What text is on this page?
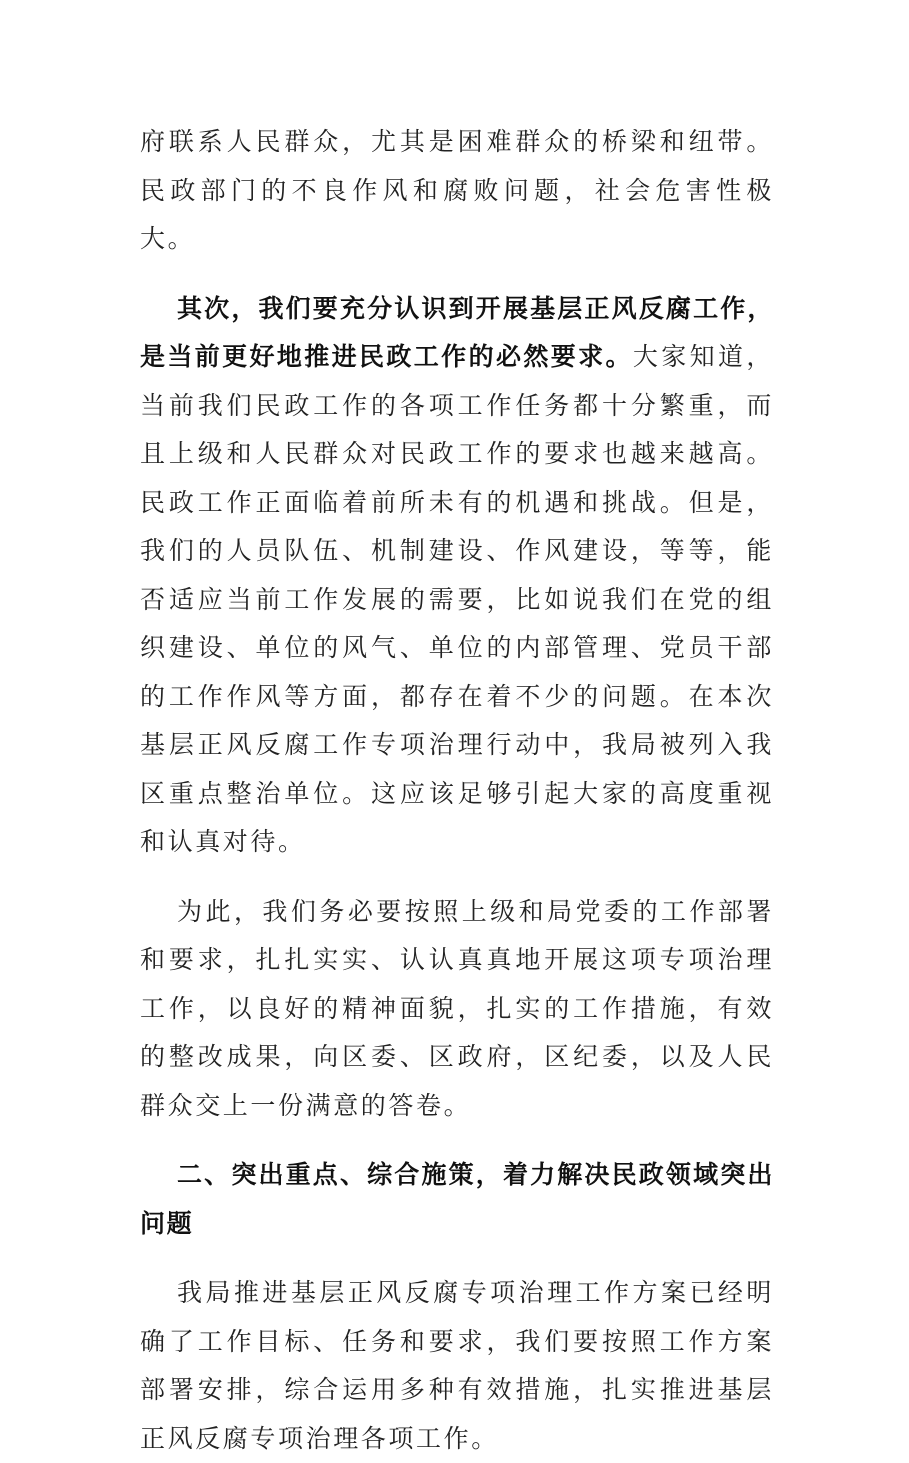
府联系人民群众，尤其是困难群众的桥梁和纽带。民政部门的不良作风和腐败问题，社会危害性极大。

其次，我们要充分认识到开展基层正风反腐工作，是当前更好地推进民政工作的必然要求。大家知道，当前我们民政工作的各项工作任务都十分繁重，而且上级和人民群众对民政工作的要求也越来越高。民政工作正面临着前所未有的机遇和挑战。但是，我们的人员队伍、机制建设、作风建设，等等，能否适应当前工作发展的需要，比如说我们在党的组织建设、单位的风气、单位的内部管理、党员干部的工作作风等方面，都存在着不少的问题。在本次基层正风反腐工作专项治理行动中，我局被列入我区重点整治单位。这应该足够引起大家的高度重视和认真对待。

为此，我们务必要按照上级和局党委的工作部署和要求，扎扎实实、认认真真地开展这项专项治理工作，以良好的精神面貌，扎实的工作措施，有效的整改成果，向区委、区政府，区纪委，以及人民群众交上一份满意的答卷。

二、突出重点、综合施策，着力解决民政领域突出问题

我局推进基层正风反腐专项治理工作方案已经明确了工作目标、任务和要求，我们要按照工作方案部署安排，综合运用多种有效措施，扎实推进基层正风反腐专项治理各项工作。
